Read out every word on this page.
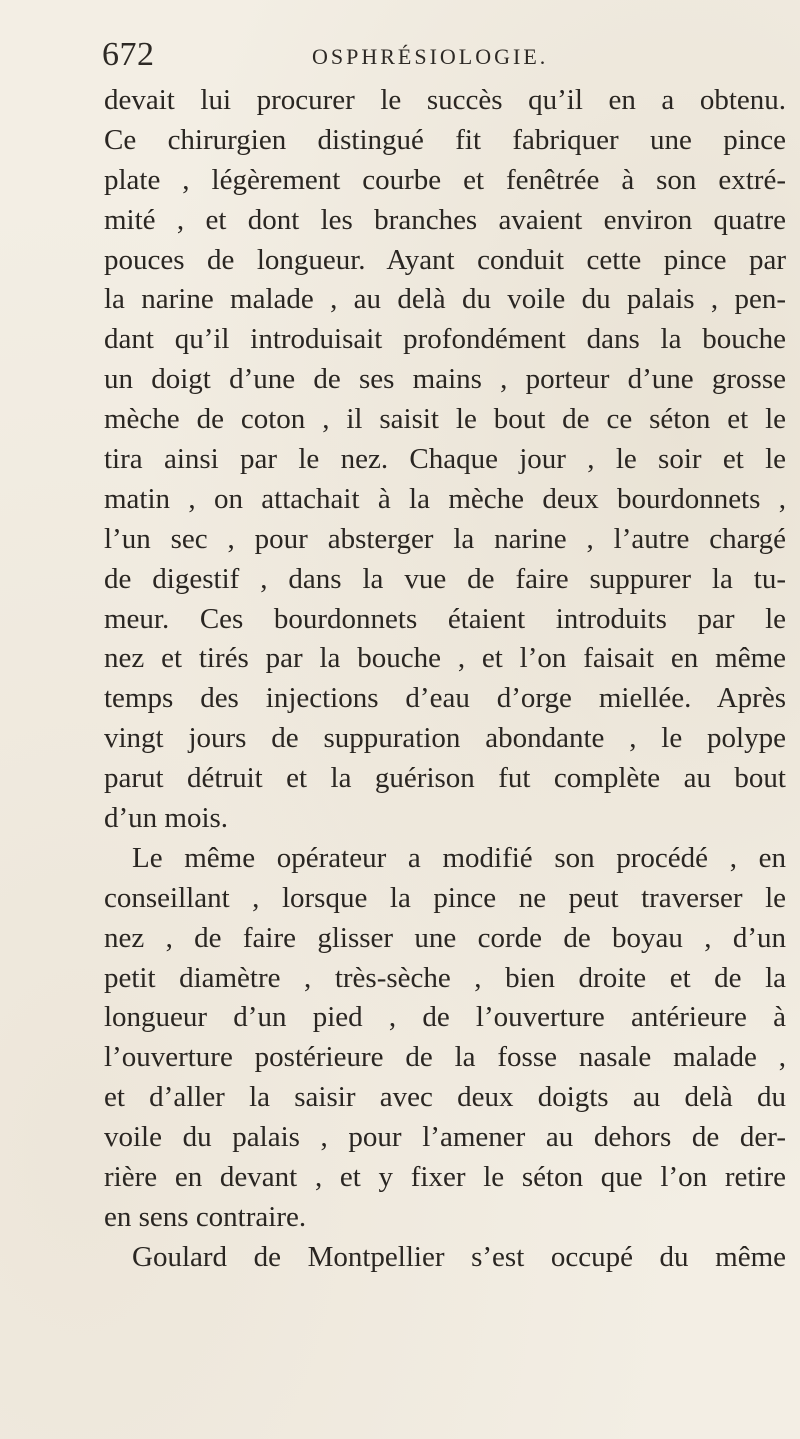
672	OSPHRÉSIOLOGIE.
devait lui procurer le succès qu’il en a obtenu.
Ce chirurgien distingué fit fabriquer une pince
plate , légèrement courbe et fenêtrée à son extré-
mité , et dont les branches avaient environ quatre
pouces de longueur. Ayant conduit cette pince par
la narine malade , au delà du voile du palais , pen-
dant qu’il introduisait profondément dans la bouche
un doigt d’une de ses mains , porteur d’une grosse
mèche de coton , il saisit le bout de ce séton et le
tira ainsi par le nez. Chaque jour , le soir et le
matin , on attachait à la mèche deux bourdonnets ,
l’un sec , pour absterger la narine , l’autre chargé
de digestif , dans la vue de faire suppurer la tu-
meur. Ces bourdonnets étaient introduits par le
nez et tirés par la bouche , et l’on faisait en même
temps des injections d’eau d’orge miellée. Après
vingt jours de suppuration abondante , le polype
parut détruit et la guérison fut complète au bout
d’un mois.
Le même opérateur a modifié son procédé , en
conseillant , lorsque la pince ne peut traverser le
nez , de faire glisser une corde de boyau , d’un
petit diamètre , très-sèche , bien droite et de la
longueur d’un pied , de l’ouverture antérieure à
l’ouverture postérieure de la fosse nasale malade ,
et d’aller la saisir avec deux doigts au delà du
voile du palais , pour l’amener au dehors de der-
rière en devant , et y fixer le séton que l’on retire
en sens contraire.
Goulard de Montpellier s’est occupé du même
